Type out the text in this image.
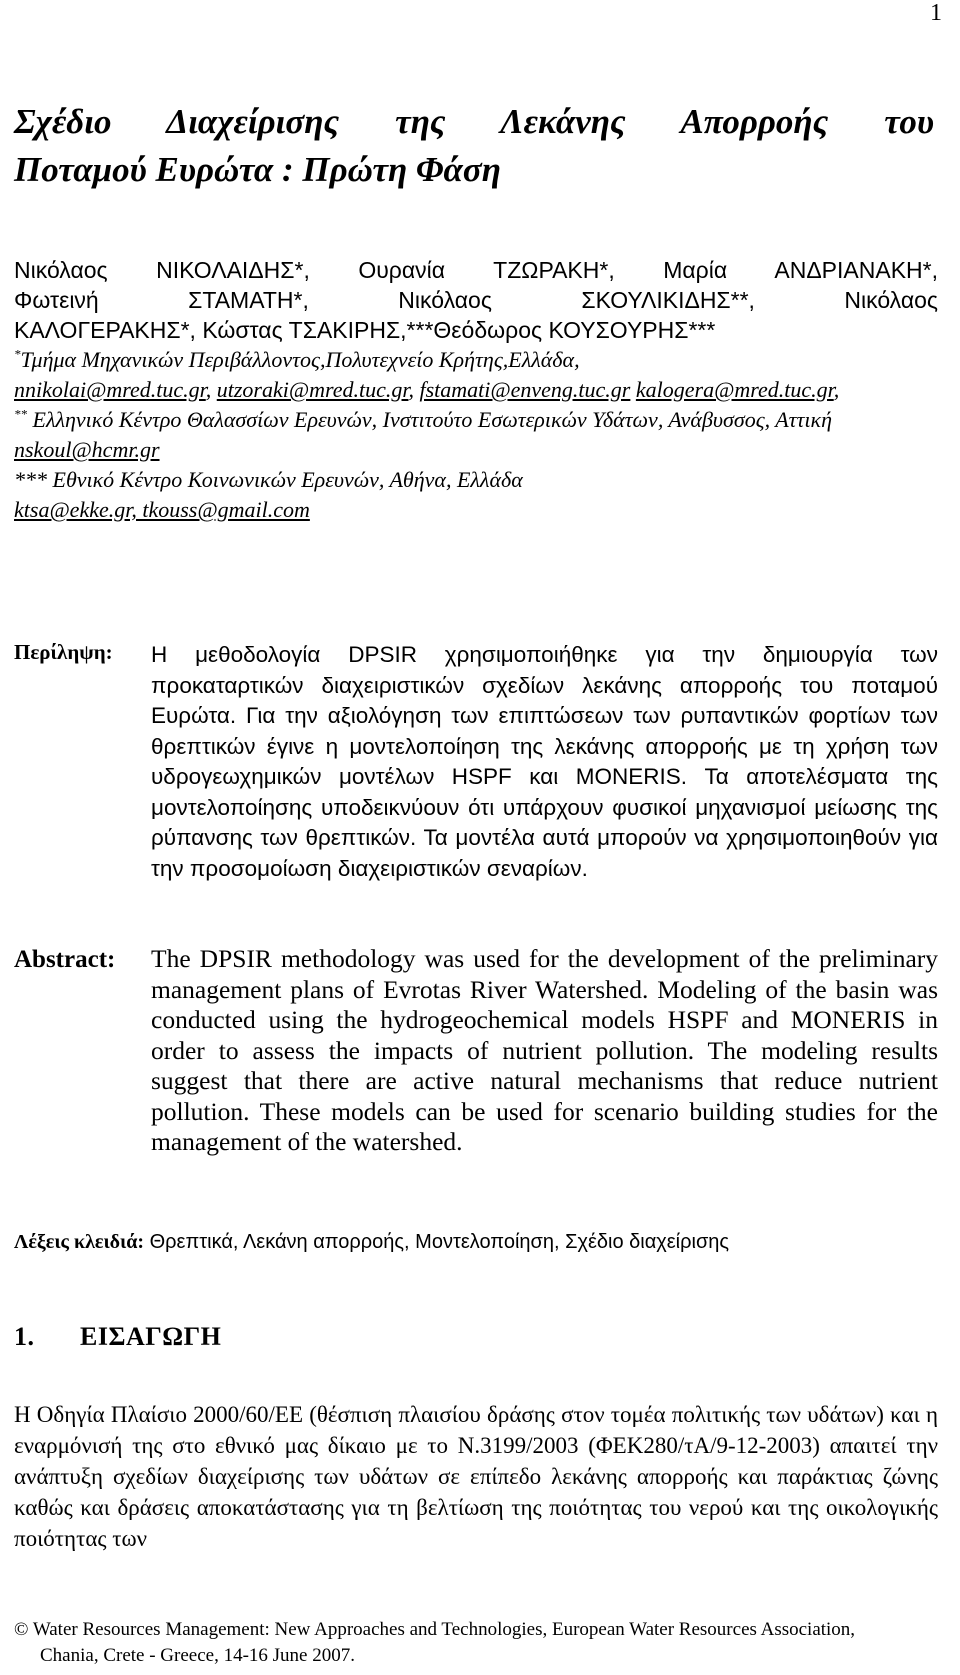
1
Σχέδιο Διαχείρισης της Λεκάνης Απορροής του
Ποταμού Ευρώτα : Πρώτη Φάση
Νικόλαος ΝΙΚΟΛΑΙΔΗΣ*, Ουρανία ΤΖΩΡΑΚΗ*, Μαρία ΑΝΔΡΙΑΝΑΚΗ*,
Φωτεινή ΣΤΑΜΑΤΗ*, Νικόλαος ΣΚΟΥΛΙΚΙΔΗΣ**, Νικόλαος
ΚΑΛΟΓΕΡΑΚΗΣ*, Κώστας ΤΣΑΚΙΡΗΣ,***Θεόδωρος ΚΟΥΣΟΥΡΗΣ***
*Τμήμα Μηχανικών Περιβάλλοντος,Πολυτεχνείο Κρήτης,Ελλάδα,
nnikolai@mred.tuc.gr, utzoraki@mred.tuc.gr, fstamati@enveng.tuc.gr kalogera@mred.tuc.gr,
** Ελληνικό Κέντρο Θαλασσίων Ερευνών, Ινστιτούτο Εσωτερικών Υδάτων, Ανάβυσσος, Αττική
nskoul@hcmr.gr
*** Εθνικό Κέντρο Κοινωνικών Ερευνών, Αθήνα, Ελλάδα
ktsa@ekke.gr, tkouss@gmail.com
Περίληψη: Η μεθοδολογία DPSIR χρησιμοποιήθηκε για την δημιουργία των προκαταρτικών διαχειριστικών σχεδίων λεκάνης απορροής του ποταμού Ευρώτα. Για την αξιολόγηση των επιπτώσεων των ρυπαντικών φορτίων των θρεπτικών έγινε η μοντελοποίηση της λεκάνης απορροής με τη χρήση των υδρογεωχημικών μοντέλων HSPF και MONERIS. Τα αποτελέσματα της μοντελοποίησης υποδεικνύουν ότι υπάρχουν φυσικοί μηχανισμοί μείωσης της ρύπανσης των θρεπτικών. Τα μοντέλα αυτά μπορούν να χρησιμοποιηθούν για την προσομοίωση διαχειριστικών σεναρίων.
Abstract: The DPSIR methodology was used for the development of the preliminary management plans of Evrotas River Watershed. Modeling of the basin was conducted using the hydrogeochemical models HSPF and MONERIS in order to assess the impacts of nutrient pollution. The modeling results suggest that there are active natural mechanisms that reduce nutrient pollution. These models can be used for scenario building studies for the management of the watershed.
Λέξεις κλειδιά: Θρεπτικά, Λεκάνη απορροής, Μοντελοποίηση, Σχέδιο διαχείρισης
1. ΕΙΣΑΓΩΓΗ
Η Οδηγία Πλαίσιο 2000/60/ΕΕ (θέσπιση πλαισίου δράσης στον τομέα πολιτικής των υδάτων) και η εναρμόνισή της στο εθνικό μας δίκαιο με το Ν.3199/2003 (ΦΕΚ280/τΑ/9-12-2003) απαιτεί την ανάπτυξη σχεδίων διαχείρισης των υδάτων σε επίπεδο λεκάνης απορροής και παράκτιας ζώνης καθώς και δράσεις αποκατάστασης για τη βελτίωση της ποιότητας του νερού και της οικολογικής ποιότητας των
© Water Resources Management: New Approaches and Technologies, European Water Resources Association,
Chania, Crete - Greece, 14-16 June 2007.
